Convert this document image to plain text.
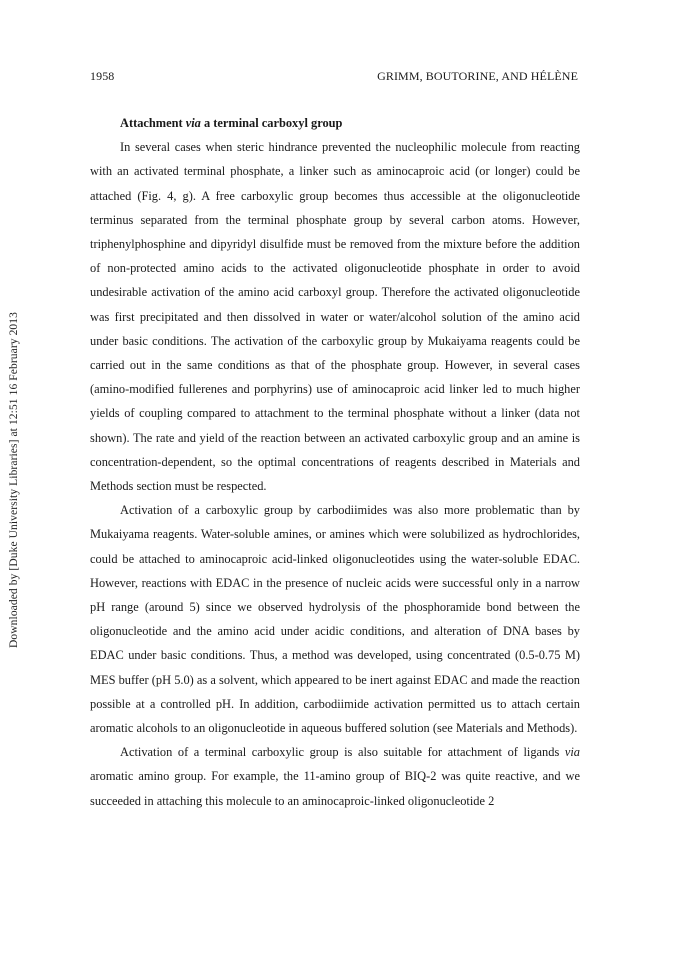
Downloaded by [Duke University Libraries] at 12:51 16 February 2013
1958	GRIMM, BOUTORINE, AND HÉLÈNE

Attachment via a terminal carboxyl group

In several cases when steric hindrance prevented the nucleophilic molecule from reacting with an activated terminal phosphate, a linker such as aminocaproic acid (or longer) could be attached (Fig. 4, g). A free carboxylic group becomes thus accessible at the oligonucleotide terminus separated from the terminal phosphate group by several carbon atoms. However, triphenylphosphine and dipyridyl disulfide must be removed from the mixture before the addition of non-protected amino acids to the activated oligonucleotide phosphate in order to avoid undesirable activation of the amino acid carboxyl group. Therefore the activated oligonucleotide was first precipitated and then dissolved in water or water/alcohol solution of the amino acid under basic conditions. The activation of the carboxylic group by Mukaiyama reagents could be carried out in the same conditions as that of the phosphate group. However, in several cases (amino-modified fullerenes and porphyrins) use of aminocaproic acid linker led to much higher yields of coupling compared to attachment to the terminal phosphate without a linker (data not shown). The rate and yield of the reaction between an activated carboxylic group and an amine is concentration-dependent, so the optimal concentrations of reagents described in Materials and Methods section must be respected.

Activation of a carboxylic group by carbodiimides was also more problematic than by Mukaiyama reagents. Water-soluble amines, or amines which were solubilized as hydrochlorides, could be attached to aminocaproic acid-linked oligonucleotides using the water-soluble EDAC. However, reactions with EDAC in the presence of nucleic acids were successful only in a narrow pH range (around 5) since we observed hydrolysis of the phosphoramide bond between the oligonucleotide and the amino acid under acidic conditions, and alteration of DNA bases by EDAC under basic conditions. Thus, a method was developed, using concentrated (0.5-0.75 M) MES buffer (pH 5.0) as a solvent, which appeared to be inert against EDAC and made the reaction possible at a controlled pH. In addition, carbodiimide activation permitted us to attach certain aromatic alcohols to an oligonucleotide in aqueous buffered solution (see Materials and Methods).

Activation of a terminal carboxylic group is also suitable for attachment of ligands via aromatic amino group. For example, the 11-amino group of BIQ-2 was quite reactive, and we succeeded in attaching this molecule to an aminocaproic-linked oligonucleotide 2
